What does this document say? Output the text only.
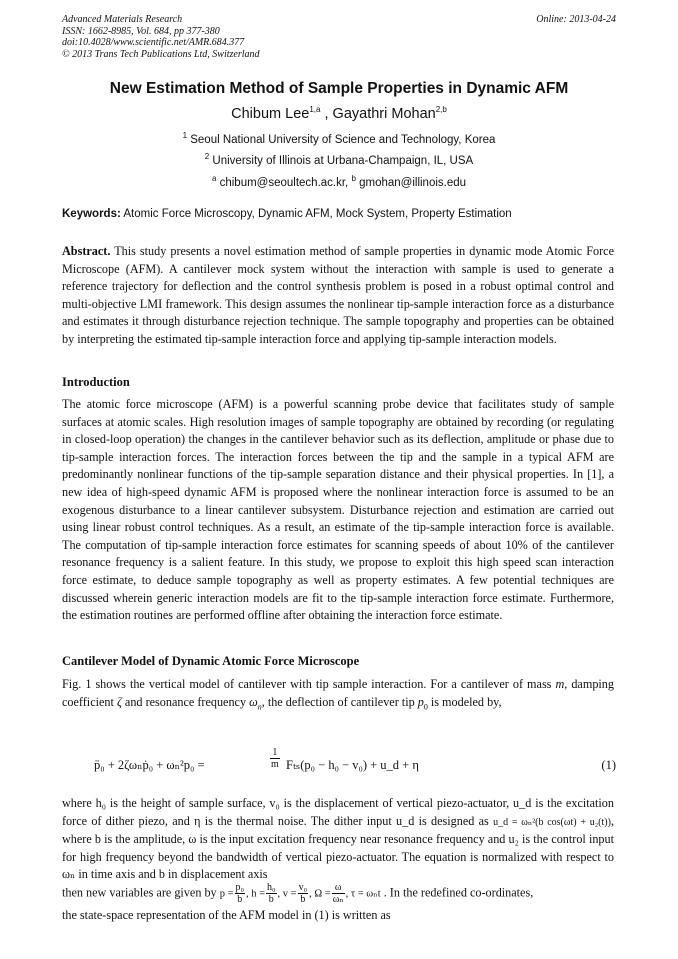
Advanced Materials Research
ISSN: 1662-8985, Vol. 684, pp 377-380
doi:10.4028/www.scientific.net/AMR.684.377
© 2013 Trans Tech Publications Ltd, Switzerland
Online: 2013-04-24
New Estimation Method of Sample Properties in Dynamic AFM
Chibum Lee$^{1,a}$ , Gayathri Mohan$^{2,b}$
$^1$ Seoul National University of Science and Technology, Korea
$^2$ University of Illinois at Urbana-Champaign, IL, USA
$^a$ chibum@seoultech.ac.kr, $^b$ gmohan@illinois.edu
Keywords: Atomic Force Microscopy, Dynamic AFM, Mock System, Property Estimation
Abstract. This study presents a novel estimation method of sample properties in dynamic mode Atomic Force Microscope (AFM). A cantilever mock system without the interaction with sample is used to generate a reference trajectory for deflection and the control synthesis problem is posed in a robust optimal control and multi-objective LMI framework. This design assumes the nonlinear tip-sample interaction force as a disturbance and estimates it through disturbance rejection technique. The sample topography and properties can be obtained by interpreting the estimated tip-sample interaction force and applying tip-sample interaction models.
Introduction
The atomic force microscope (AFM) is a powerful scanning probe device that facilitates study of sample surfaces at atomic scales. High resolution images of sample topography are obtained by recording (or regulating in closed-loop operation) the changes in the cantilever behavior such as its deflection, amplitude or phase due to tip-sample interaction forces. The interaction forces between the tip and the sample in a typical AFM are predominantly nonlinear functions of the tip-sample separation distance and their physical properties. In [1], a new idea of high-speed dynamic AFM is proposed where the nonlinear interaction force is assumed to be an exogenous disturbance to a linear cantilever subsystem. Disturbance rejection and estimation are carried out using linear robust control techniques. As a result, an estimate of the tip-sample interaction force is available. The computation of tip-sample interaction force estimates for scanning speeds of about 10% of the cantilever resonance frequency is a salient feature. In this study, we propose to exploit this high speed scan interaction force estimate, to deduce sample topography as well as property estimates. A few potential techniques are discussed wherein generic interaction models are fit to the tip-sample interaction force estimate. Furthermore, the estimation routines are performed offline after obtaining the interaction force estimate.
Cantilever Model of Dynamic Atomic Force Microscope
Fig. 1 shows the vertical model of cantilever with tip sample interaction. For a cantilever of mass m, damping coefficient ζ and resonance frequency $\omega_n$, the deflection of cantilever tip $p_0$ is modeled by,
p̈₀ + 2ζωₙṗ₀ + ωₙ²p₀ =	$\frac{1}{m} F_{ts}(p_0 - h_0 - v_0)$ + u_d + η	(1)
where h₀ is the height of sample surface, v₀ is the displacement of vertical piezo-actuator, u_d is the excitation force of dither piezo, and η is the thermal noise. The dither input u_d is designed as u_d = ωₙ²(b cos(ωt) + u₂(t)), where b is the amplitude, ω is the input excitation frequency near resonance frequency and u₂ is the control input for high frequency beyond the bandwidth of vertical piezo-actuator. The equation is normalized with respect to ωₙ in time axis and b in displacement axis
then new variables are given by $p = \frac{\text{p₀}}{b}$ , $h = \frac{\text{h₀}}{b}$ , $v = \frac{\text{v₀}}{b}$ , $\Omega = \frac{\omega}{\text{ωₙ}}$ , τ = ωₙt . In the redefined co-ordinates,
the state-space representation of the AFM model in (1) is written as
